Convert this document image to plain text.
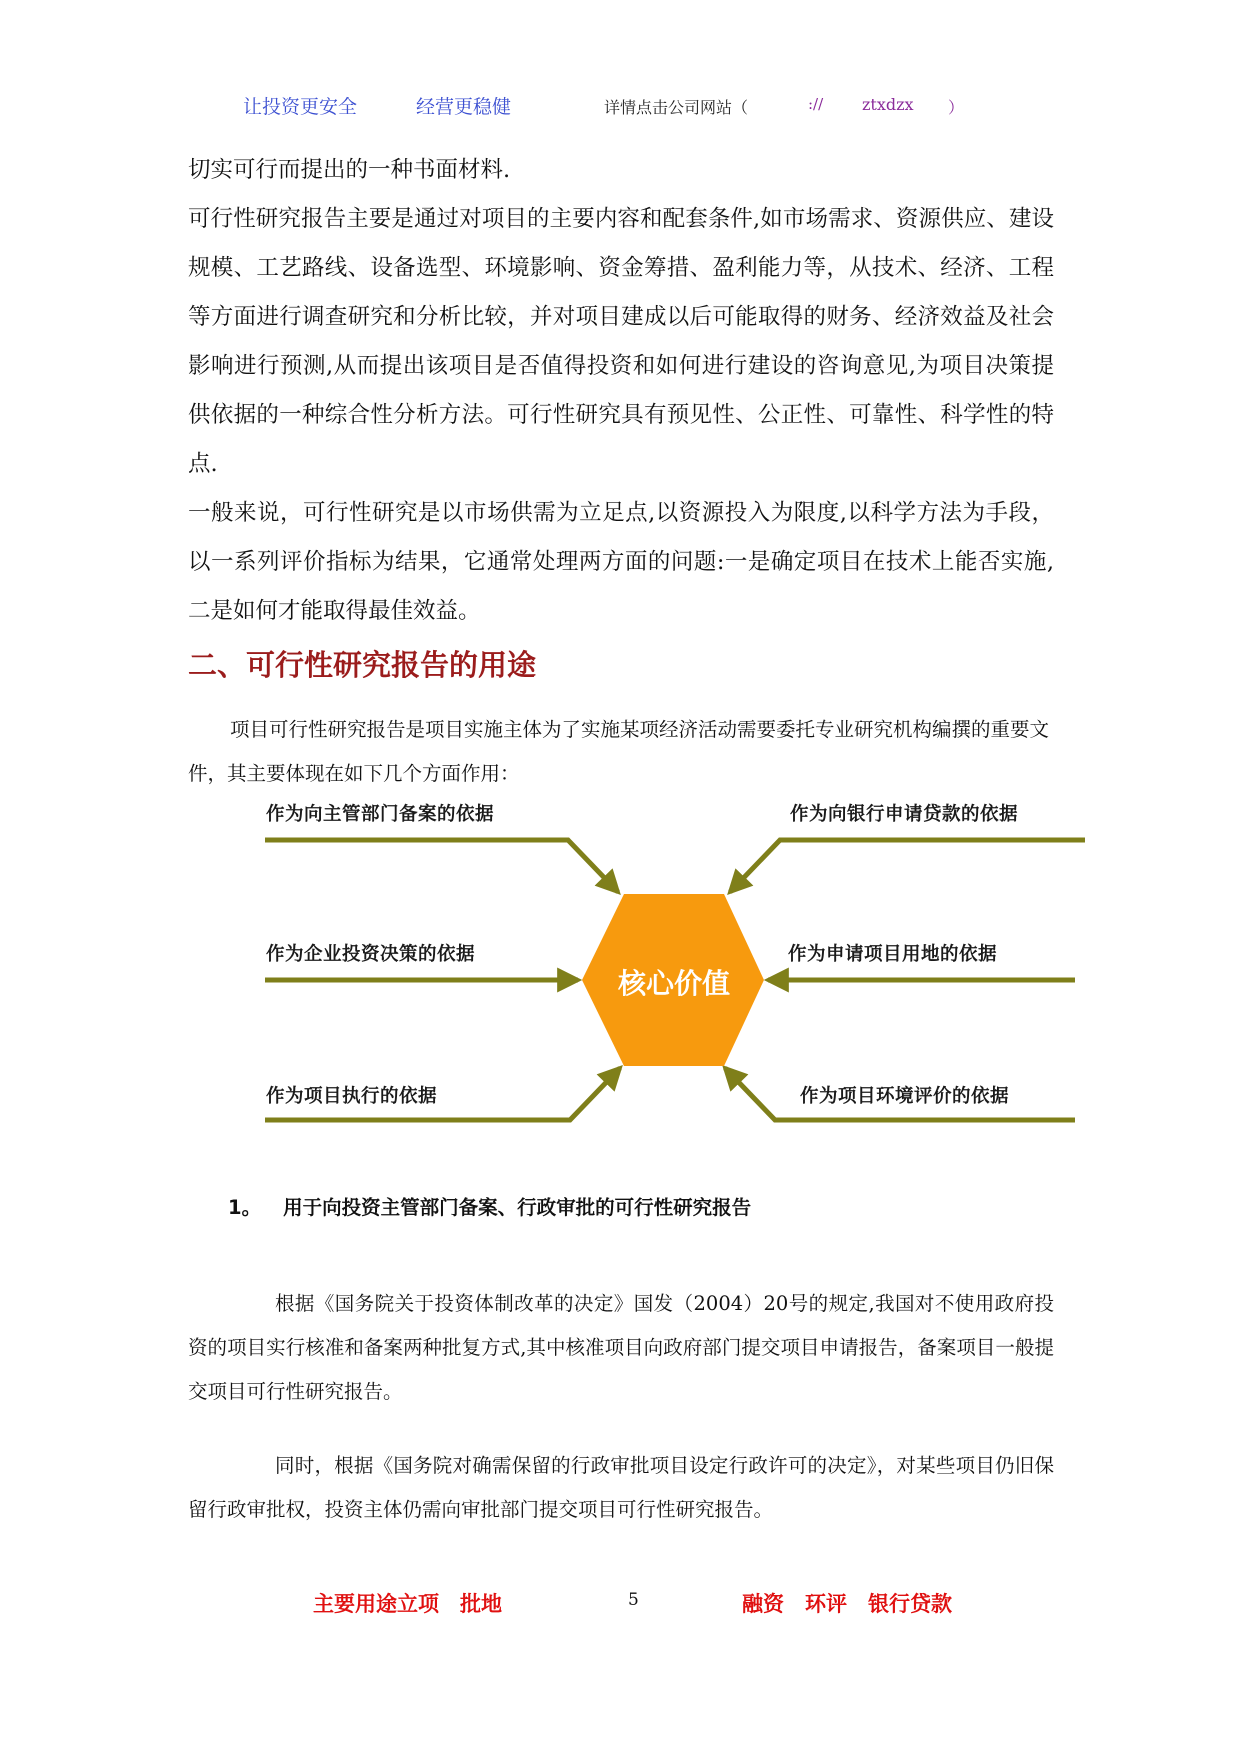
让投资更安全	经营更稳健	详情点击公司网站（	:// ztxdzx ）

切实可行而提出的一种书面材料.

可行性研究报告主要是通过对项目的主要内容和配套条件,如市场需求、资源供应、建设规模、工艺路线、设备选型、环境影响、资金筹措、盈利能力等，从技术、经济、工程等方面进行调查研究和分析比较，并对项目建成以后可能取得的财务、经济效益及社会影响进行预测,从而提出该项目是否值得投资和如何进行建设的咨询意见,为项目决策提供依据的一种综合性分析方法。可行性研究具有预见性、公正性、可靠性、科学性的特点.

一般来说，可行性研究是以市场供需为立足点,以资源投入为限度,以科学方法为手段，以一系列评价指标为结果，它通常处理两方面的问题:一是确定项目在技术上能否实施,二是如何才能取得最佳效益。

二、可行性研究报告的用途

项目可行性研究报告是项目实施主体为了实施某项经济活动需要委托专业研究机构编撰的重要文件，其主要体现在如下几个方面作用：

作为向主管部门备案的依据	作为向银行申请贷款的依据
作为企业投资决策的依据	作为申请项目用地的依据
作为项目执行的依据	作为项目环境评价的依据
核心价值
1。 用于向投资主管部门备案、行政审批的可行性研究报告

根据《国务院关于投资体制改革的决定》国发（2004）20号的规定,我国对不使用政府投资的项目实行核准和备案两种批复方式,其中核准项目向政府部门提交项目申请报告，备案项目一般提交项目可行性研究报告。

同时，根据《国务院对确需保留的行政审批项目设定行政许可的决定》，对某些项目仍旧保留行政审批权，投资主体仍需向审批部门提交项目可行性研究报告。

主要用途立项　批地	5	融资　环评　银行贷款
